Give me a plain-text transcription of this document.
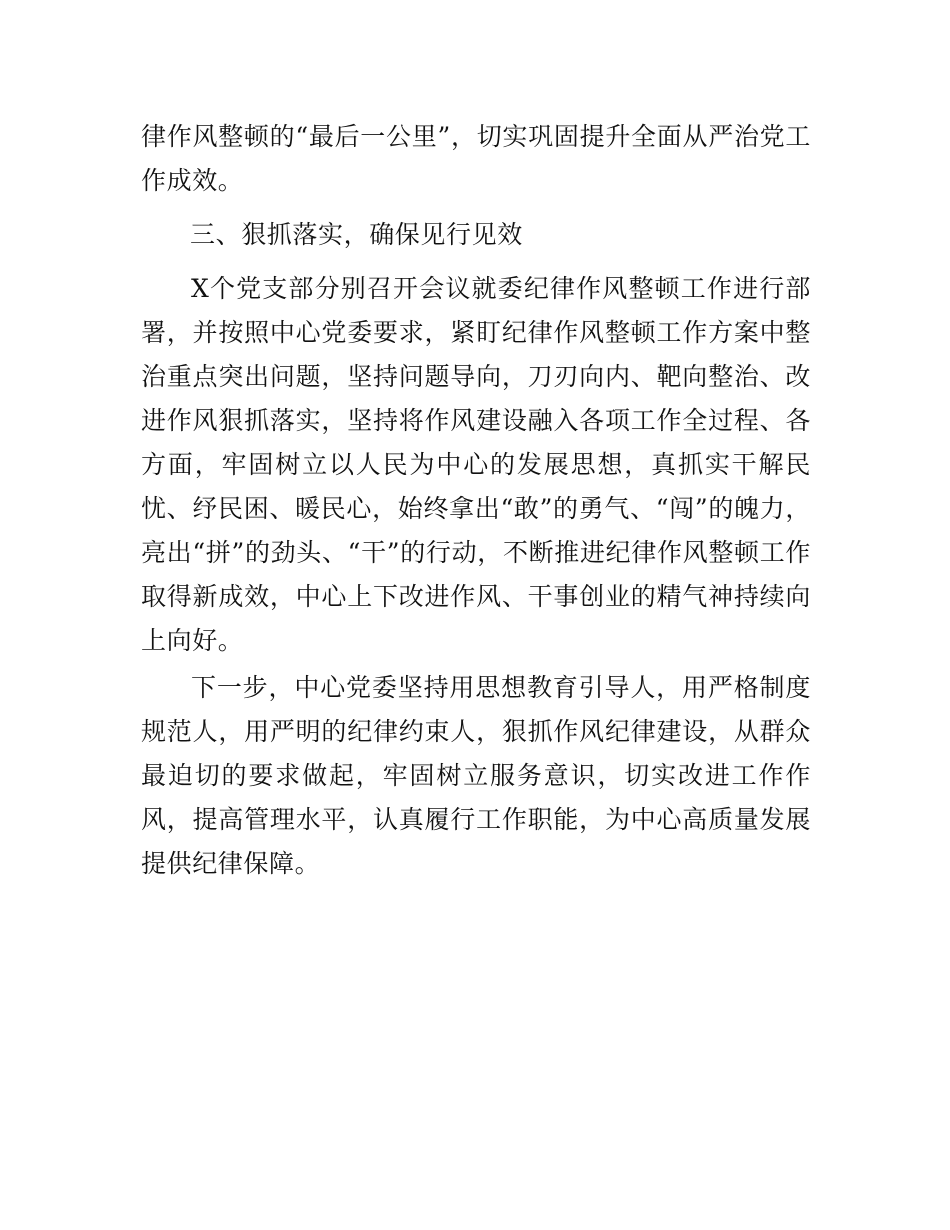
律作风整顿的“最后一公里”，切实巩固提升全面从严治党工作成效。

三、狠抓落实，确保见行见效

X个党支部分别召开会议就委纪律作风整顿工作进行部署，并按照中心党委要求，紧盯纪律作风整顿工作方案中整治重点突出问题，坚持问题导向，刀刃向内、靶向整治、改进作风狠抓落实，坚持将作风建设融入各项工作全过程、各方面，牢固树立以人民为中心的发展思想，真抓实干解民忧、纾民困、暖民心，始终拿出“敢”的勇气、“闯”的魄力，亮出“拼”的劲头、“干”的行动，不断推进纪律作风整顿工作取得新成效，中心上下改进作风、干事创业的精气神持续向上向好。

下一步，中心党委坚持用思想教育引导人，用严格制度规范人，用严明的纪律约束人，狠抓作风纪律建设，从群众最迫切的要求做起，牢固树立服务意识，切实改进工作作风，提高管理水平，认真履行工作职能，为中心高质量发展提供纪律保障。
